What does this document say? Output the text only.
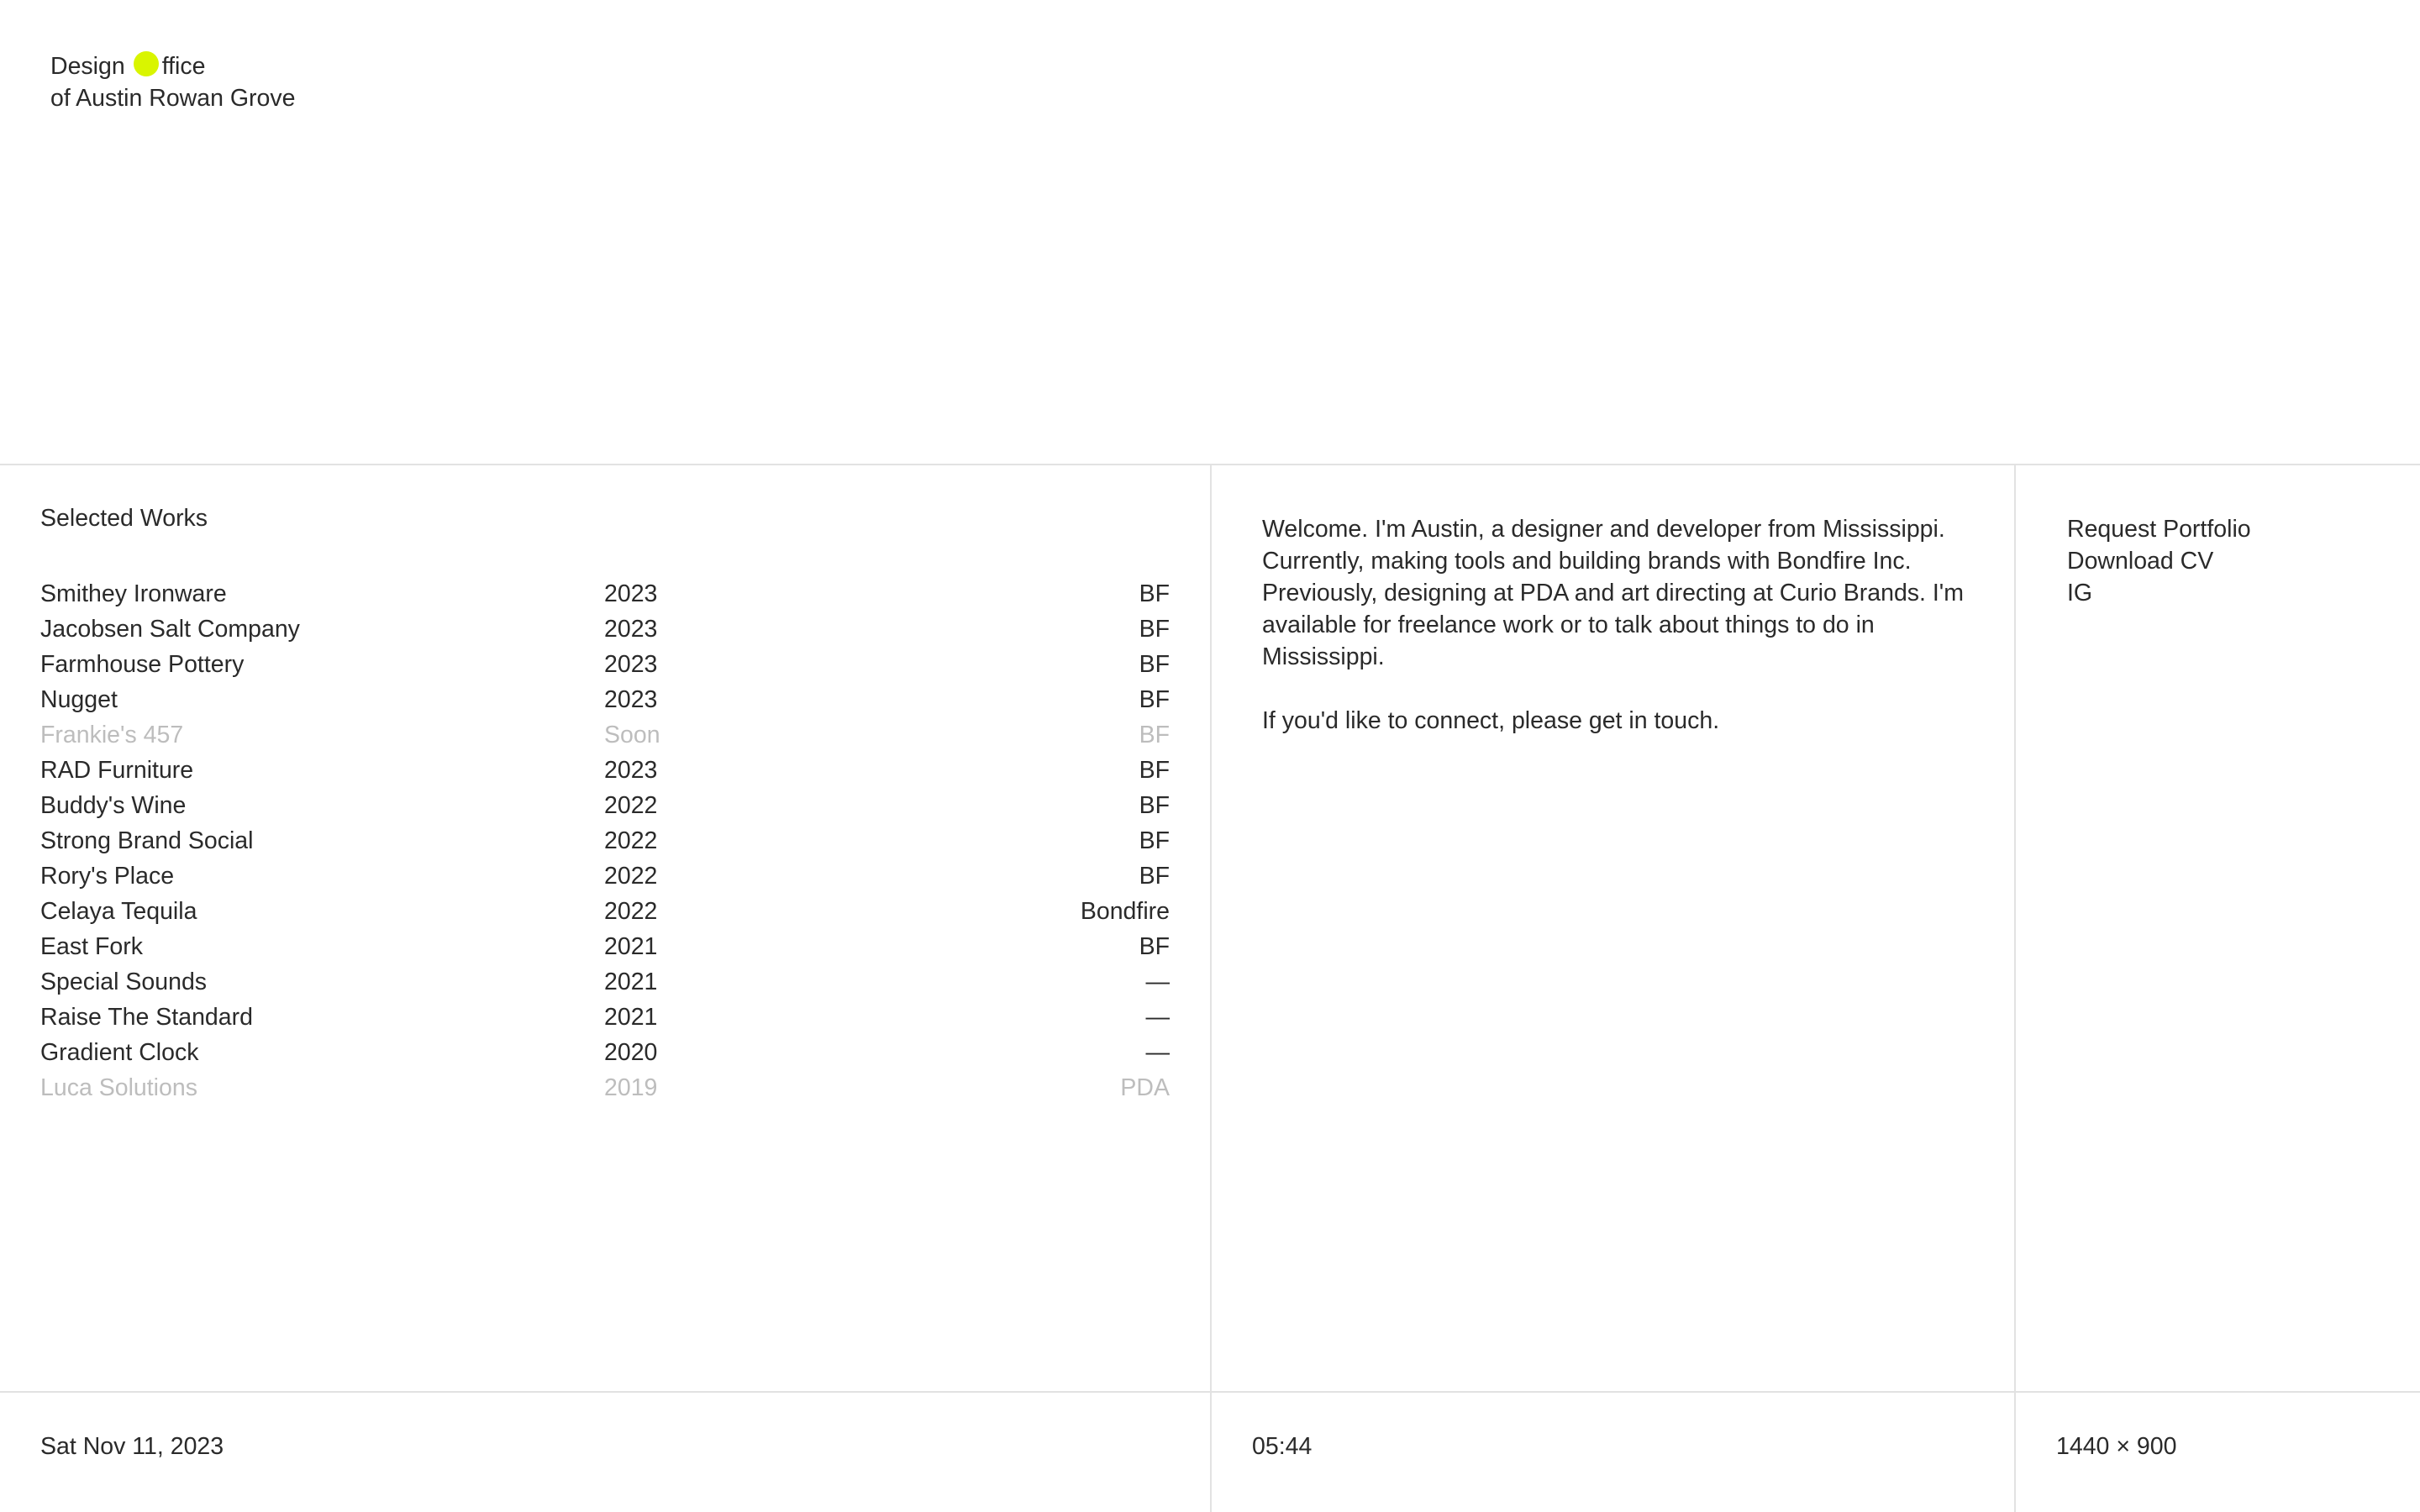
Design ffice
of Austin Rowan Grove
Selected Works
Smithey Ironware	2023	BF
Jacobsen Salt Company	2023	BF
Farmhouse Pottery	2023	BF
Nugget	2023	BF
Frankie's 457	Soon	BF
RAD Furniture	2023	BF
Buddy's Wine	2022	BF
Strong Brand Social	2022	BF
Rory's Place	2022	BF
Celaya Tequila	2022	Bondfire
East Fork	2021	BF
Special Sounds	2021	—
Raise The Standard	2021	—
Gradient Clock	2020	—
Luca Solutions	2019	PDA

Welcome. I'm Austin, a designer and developer from Mississippi. Currently, making tools and building brands with Bondfire Inc. Previously, designing at PDA and art directing at Curio Brands. I'm available for freelance work or to talk about things to do in Mississippi.

If you'd like to connect, please get in touch.

Request Portfolio
Download CV
IG
Sat Nov 11, 2023	05:44	1440 × 900
